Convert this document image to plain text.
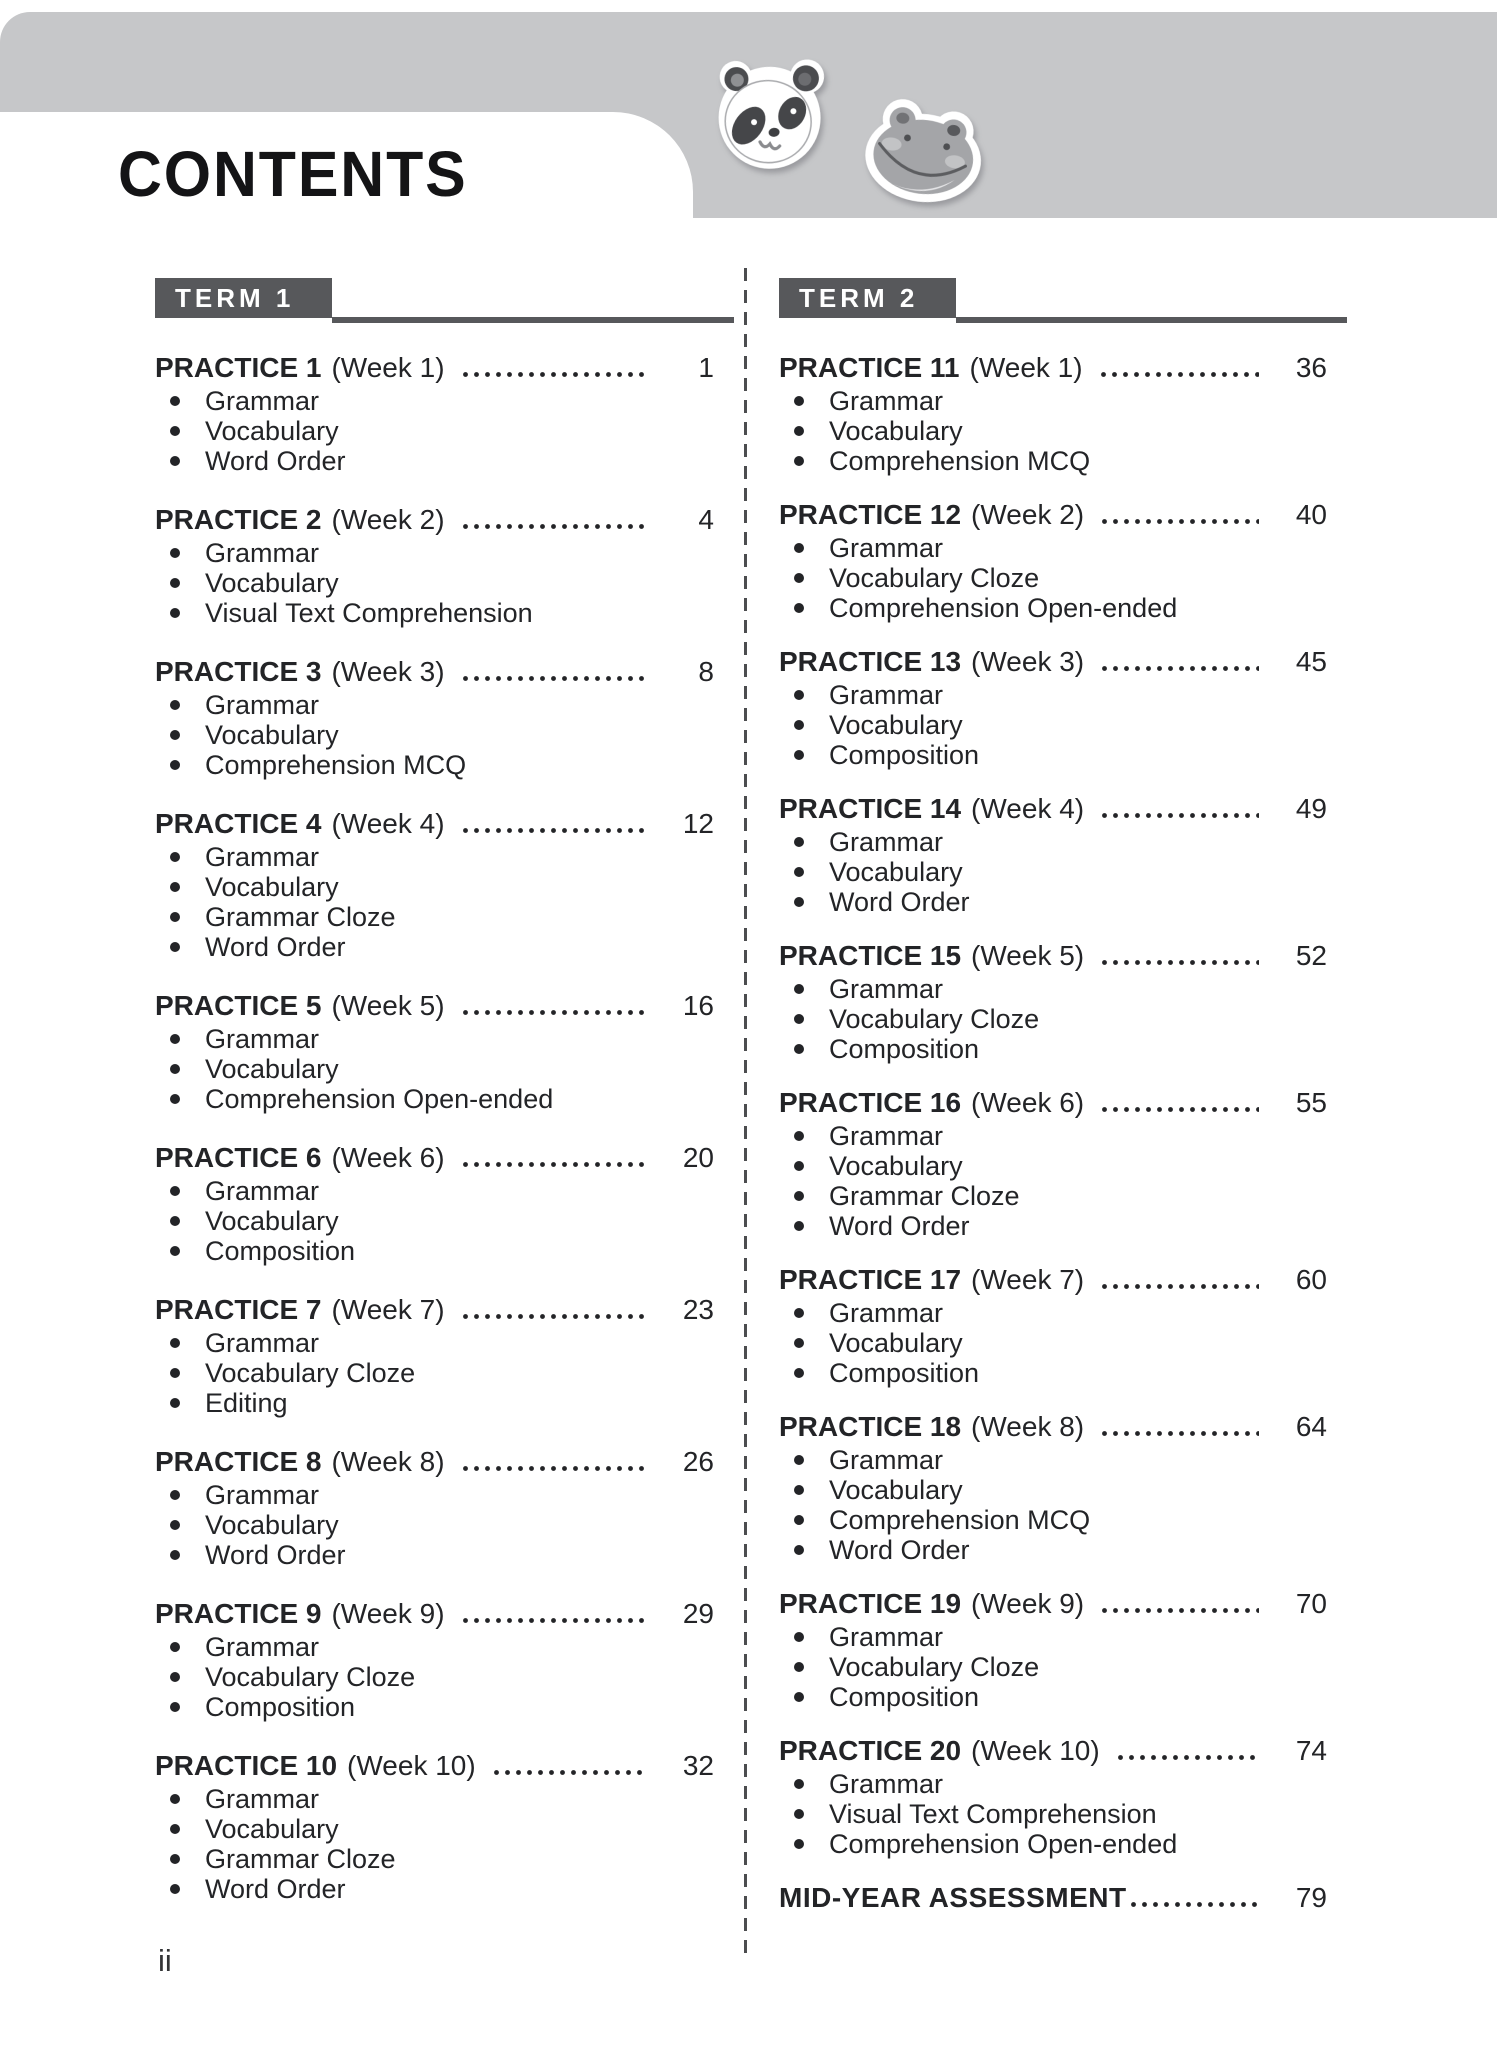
CONTENTS
TERM 1
PRACTICE 1 (Week 1)	1
Grammar
Vocabulary
Word Order
PRACTICE 2 (Week 2)	4
Grammar
Vocabulary
Visual Text Comprehension
PRACTICE 3 (Week 3)	8
Grammar
Vocabulary
Comprehension MCQ
PRACTICE 4 (Week 4)	12
Grammar
Vocabulary
Grammar Cloze
Word Order
PRACTICE 5 (Week 5)	16
Grammar
Vocabulary
Comprehension Open-ended
PRACTICE 6 (Week 6)	20
Grammar
Vocabulary
Composition
PRACTICE 7 (Week 7)	23
Grammar
Vocabulary Cloze
Editing
PRACTICE 8 (Week 8)	26
Grammar
Vocabulary
Word Order
PRACTICE 9 (Week 9)	29
Grammar
Vocabulary Cloze
Composition
PRACTICE 10 (Week 10)	32
Grammar
Vocabulary
Grammar Cloze
Word Order
TERM 2
PRACTICE 11 (Week 1)	36
Grammar
Vocabulary
Comprehension MCQ
PRACTICE 12 (Week 2)	40
Grammar
Vocabulary Cloze
Comprehension Open-ended
PRACTICE 13 (Week 3)	45
Grammar
Vocabulary
Composition
PRACTICE 14 (Week 4)	49
Grammar
Vocabulary
Word Order
PRACTICE 15 (Week 5)	52
Grammar
Vocabulary Cloze
Composition
PRACTICE 16 (Week 6)	55
Grammar
Vocabulary
Grammar Cloze
Word Order
PRACTICE 17 (Week 7)	60
Grammar
Vocabulary
Composition
PRACTICE 18 (Week 8)	64
Grammar
Vocabulary
Comprehension MCQ
Word Order
PRACTICE 19 (Week 9)	70
Grammar
Vocabulary Cloze
Composition
PRACTICE 20 (Week 10)	74
Grammar
Visual Text Comprehension
Comprehension Open-ended
MID-YEAR ASSESSMENT	79
ii
